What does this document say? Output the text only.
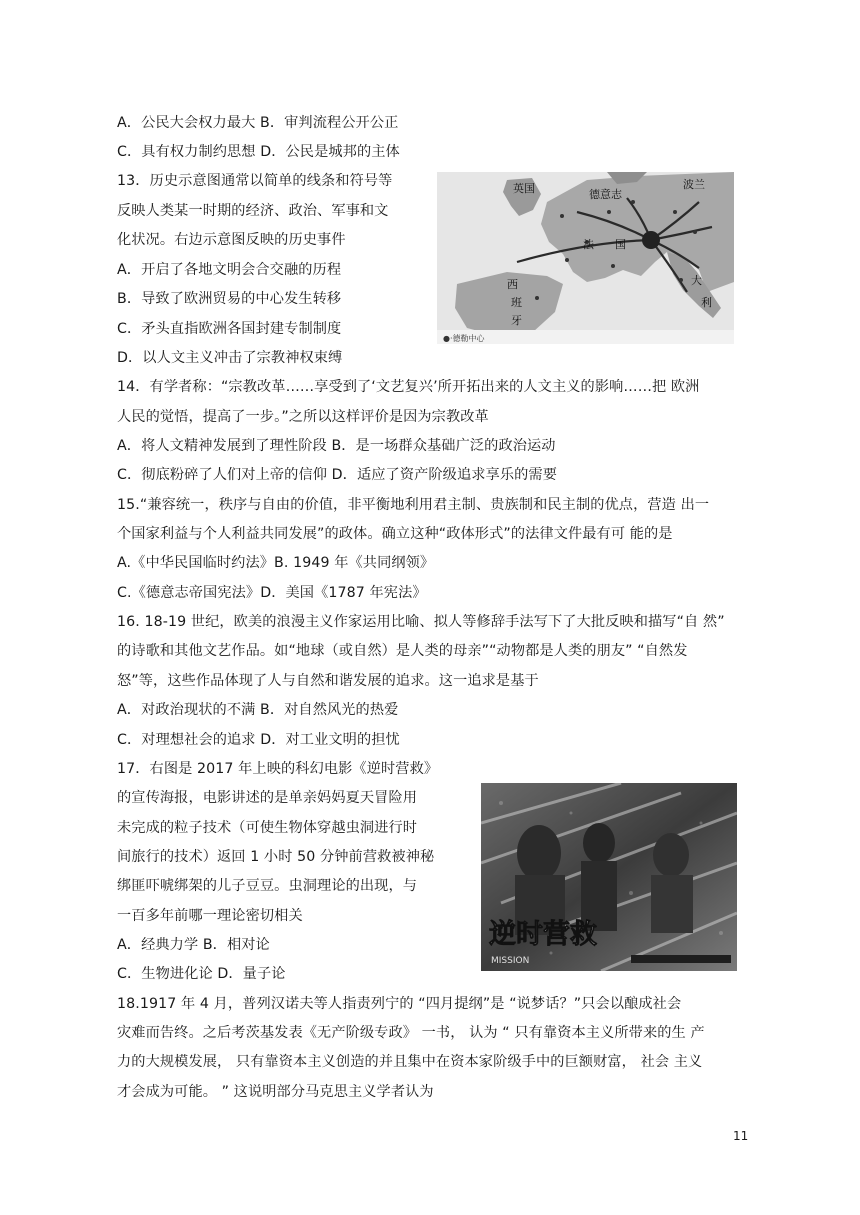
A．公民大会权力最大 B．审判流程公开公正
C．具有权力制约思想 D．公民是城邦的主体
13．历史示意图通常以简单的线条和符号等
反映人类某一时期的经济、政治、军事和文
化状况。右边示意图反映的历史事件
A．开启了各地文明会合交融的历程
B．导致了欧洲贸易的中心发生转移
C．矛头直指欧洲各国封建专制制度
D．以人文主义冲击了宗教神权束缚
14．有学者称：“宗教改革……享受到了‘文艺复兴’所开拓出来的人文主义的影响……把 欧洲
人民的觉悟，提高了一步。”之所以这样评价是因为宗教改革
A．将人文精神发展到了理性阶段 B．是一场群众基础广泛的政治运动
C．彻底粉碎了人们对上帝的信仰 D．适应了资产阶级追求享乐的需要
15.“兼容统一，秩序与自由的价值，非平衡地利用君主制、贵族制和民主制的优点，营造 出一
个国家利益与个人利益共同发展”的政体。确立这种“政体形式”的法律文件最有可 能的是
A.《中华民国临时约法》B. 1949 年《共同纲领》
C.《德意志帝国宪法》D．美国《1787 年宪法》
16. 18-19 世纪，欧美的浪漫主义作家运用比喻、拟人等修辞手法写下了大批反映和描写“自 然”
的诗歌和其他文艺作品。如“地球（或自然）是人类的母亲”“动物都是人类的朋友” “自然发
怒”等，这些作品体现了人与自然和谐发展的追求。这一追求是基于
A．对政治现状的不满 B．对自然风光的热爱
C．对理想社会的追求 D．对工业文明的担忧
17．右图是 2017 年上映的科幻电影《逆时营救》
的宣传海报，电影讲述的是单亲妈妈夏天冒险用
未完成的粒子技术（可使生物体穿越虫洞进行时
间旅行的技术）返回 1 小时 50 分钟前营救被神秘
绑匪吓唬绑架的儿子豆豆。虫洞理论的出现，与
一百多年前哪一理论密切相关
A．经典力学 B．相对论
C．生物进化论 D．量子论
18.1917 年 4 月，普列汉诺夫等人指责列宁的 “四月提纲”是 “说梦话？”只会以酿成社会
灾难而告终。之后考茨基发表《无产阶级专政》 一书， 认为 “ 只有靠资本主义所带来的生 产
力的大规模发展， 只有靠资本主义创造的并且集中在资本家阶级手中的巨额财富， 社会 主义
才会成为可能。 ” 这说明部分马克思主义学者认为
英国	德意志
波兰
法 国
西
班
牙
大
利
●·德勒中心
逆时营救
MISSION
11
